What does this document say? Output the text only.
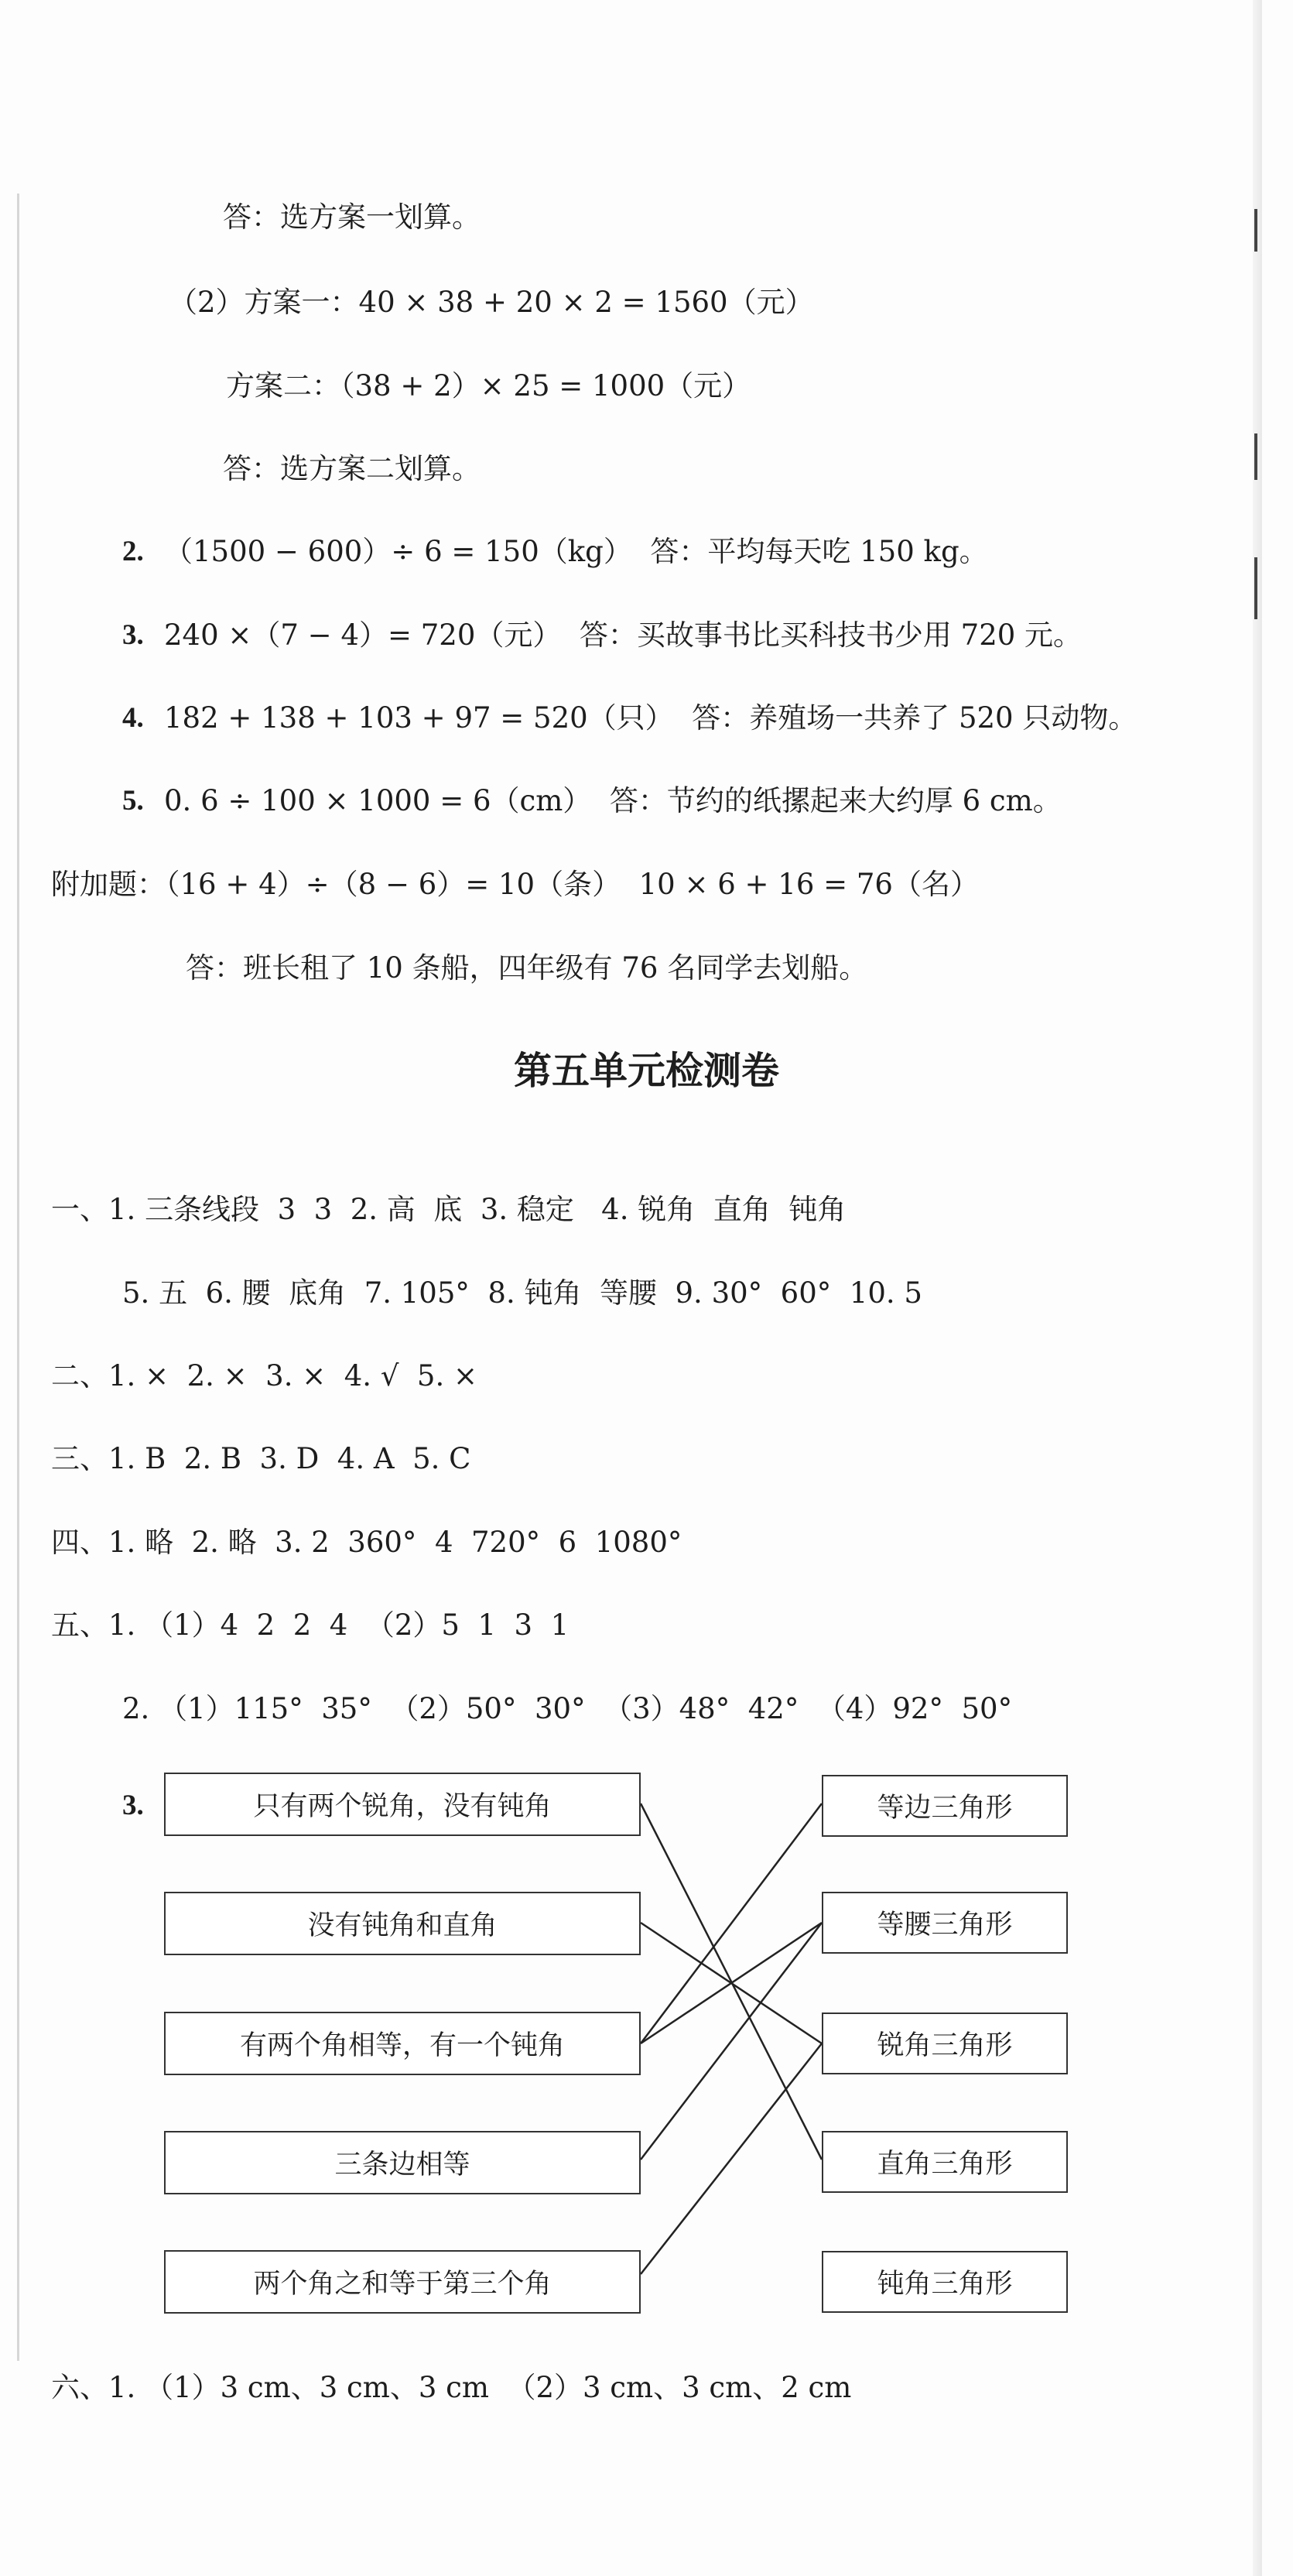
答：选方案一划算。
（2）方案一：40 × 38 + 20 × 2 = 1560（元）
方案二：（38 + 2）× 25 = 1000（元）
答：选方案二划算。
2. （1500 − 600）÷ 6 = 150（kg）  答：平均每天吃 150 kg。
3. 240 ×（7 − 4）= 720（元）  答：买故事书比买科技书少用 720 元。
4. 182 + 138 + 103 + 97 = 520（只）  答：养殖场一共养了 520 只动物。
5. 0. 6 ÷ 100 × 1000 = 6（cm）  答：节约的纸摞起来大约厚 6 cm。
附加题：（16 + 4）÷（8 − 6）= 10（条）  10 × 6 + 16 = 76（名）
答：班长租了 10 条船，四年级有 76 名同学去划船。
第五单元检测卷
一、1. 三条线段  3  3  2. 高  底  3. 稳定   4. 锐角  直角  钝角
5. 五  6. 腰  底角  7. 105°  8. 钝角  等腰  9. 30°  60°  10. 5
二、1. ×  2. ×  3. ×  4. √  5. ×
三、1. B  2. B  3. D  4. A  5. C
四、1. 略  2. 略  3. 2  360°  4  720°  6  1080°
五、1. （1）4  2  2  4  （2）5  1  3  1
2. （1）115°  35°  （2）50°  30°  （3）48°  42°  （4）92°  50°
3.	只有两个锐角，没有钝角
没有钝角和直角
有两个角相等，有一个钝角
三条边相等
两个角之和等于第三个角
等边三角形
等腰三角形
锐角三角形
直角三角形
钝角三角形
六、1. （1）3 cm、3 cm、3 cm  （2）3 cm、3 cm、2 cm
